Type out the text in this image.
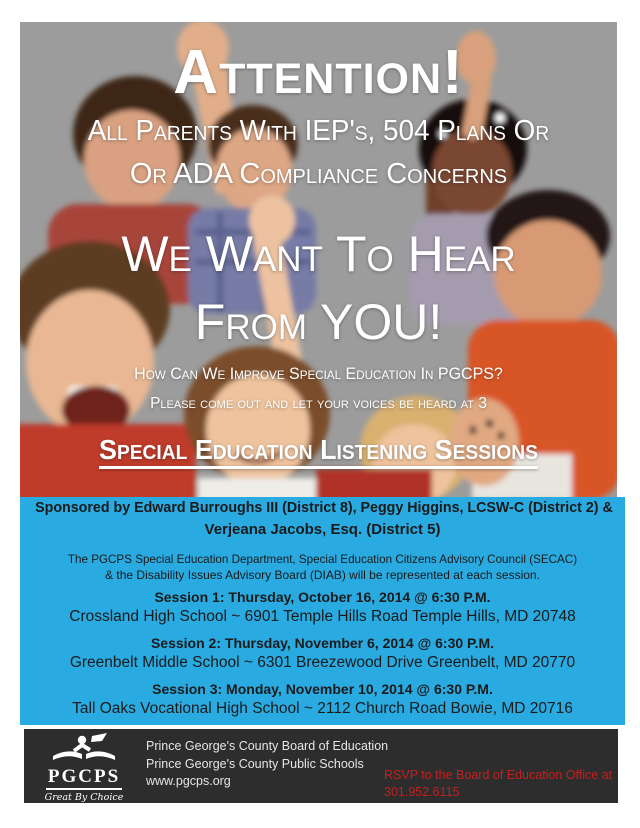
Attention!
All Parents With IEP's, 504 Plans Or
Or ADA Compliance Concerns
We Want To Hear
From YOU!
How Can We Improve Special Education In PGCPS?
Please come out and let your voices be heard at 3
Special Education Listening Sessions
Sponsored by Edward Burroughs III (District 8), Peggy Higgins, LCSW-C (District 2) &
Verjeana Jacobs, Esq. (District 5)
The PGCPS Special Education Department, Special Education Citizens Advisory Council (SECAC)
& the Disability Issues Advisory Board (DIAB) will be represented at each session.
Session 1: Thursday, October 16, 2014 @ 6:30 P.M.
Crossland High School ~ 6901 Temple Hills Road Temple Hills, MD 20748
Session 2: Thursday, November 6, 2014 @ 6:30 P.M.
Greenbelt Middle School ~ 6301 Breezewood Drive Greenbelt, MD 20770
Session 3: Monday, November 10, 2014 @ 6:30 P.M.
Tall Oaks Vocational High School ~ 2112 Church Road Bowie, MD 20716
PGCPS
Great By Choice
Prince George's County Board of Education
Prince George's County Public Schools
www.pgcps.org	RSVP to the Board of Education Office at
301.952.6115
